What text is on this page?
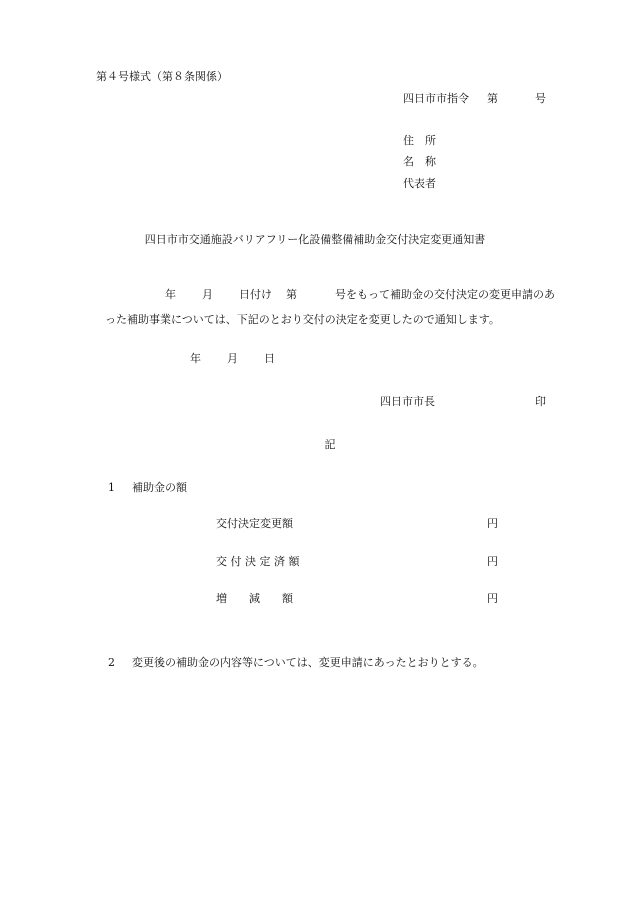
第４号様式（第８条関係）
四日市市指令 第	号
住　所
名　称
代表者
四日市市交通施設バリアフリー化設備整備補助金交付決定変更通知書
年 月 日付け 第	号をもって補助金の交付決定の変更申請のあ
った補助事業については、下記のとおり交付の決定を変更したので通知します。
年 月 日
四日市市長	印
記
1 補助金の額
交付決定変更額	円
交 付 決 定 済 額	円
増　　減　　額	円
2 変更後の補助金の内容等については、変更申請にあったとおりとする。
